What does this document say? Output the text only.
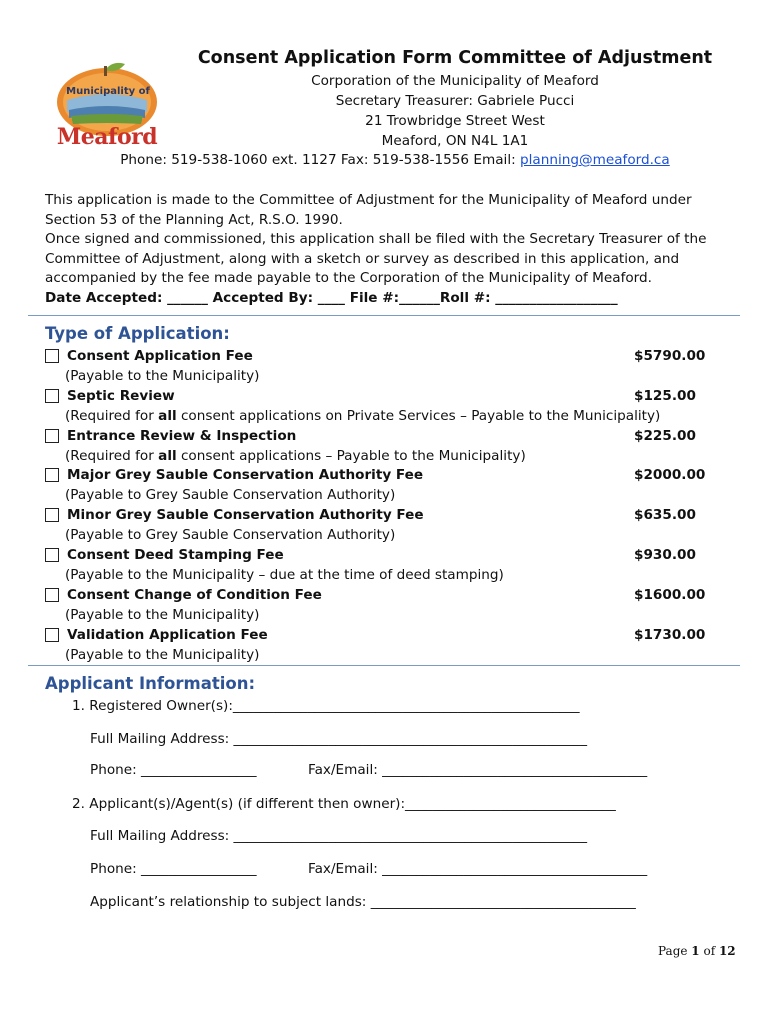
Municipality of
Meaford
Consent Application Form Committee of Adjustment
Corporation of the Municipality of Meaford
Secretary Treasurer: Gabriele Pucci
21 Trowbridge Street West
Meaford, ON N4L 1A1
Phone: 519-538-1060 ext. 1127 Fax: 519-538-1556 Email: planning@meaford.ca
This application is made to the Committee of Adjustment for the Municipality of Meaford under
Section 53 of the Planning Act, R.S.O. 1990.
Once signed and commissioned, this application shall be filed with the Secretary Treasurer of the
Committee of Adjustment, along with a sketch or survey as described in this application, and
accompanied by the fee made payable to the Corporation of the Municipality of Meaford.
Date Accepted: ______ Accepted By: ____ File #:______Roll #: __________________
Type of Application:
Consent Application Fee	$5790.00
(Payable to the Municipality)
Septic Review	$125.00
(Required for all consent applications on Private Services – Payable to the Municipality)
Entrance Review & Inspection	$225.00
(Required for all consent applications – Payable to the Municipality)
Major Grey Sauble Conservation Authority Fee	$2000.00
(Payable to Grey Sauble Conservation Authority)
Minor Grey Sauble Conservation Authority Fee	$635.00
(Payable to Grey Sauble Conservation Authority)
Consent Deed Stamping Fee	$930.00
(Payable to the Municipality – due at the time of deed stamping)
Consent Change of Condition Fee	$1600.00
(Payable to the Municipality)
Validation Application Fee	$1730.00
(Payable to the Municipality)
Applicant Information:
1. Registered Owner(s):___________________________________________________
Full Mailing Address: ____________________________________________________
Phone: _________________	Fax/Email: _______________________________________
2. Applicant(s)/Agent(s) (if different then owner):_______________________________
Full Mailing Address: ____________________________________________________
Phone: _________________	Fax/Email: _______________________________________
Applicant’s relationship to subject lands: _______________________________________
Page 1 of 12
